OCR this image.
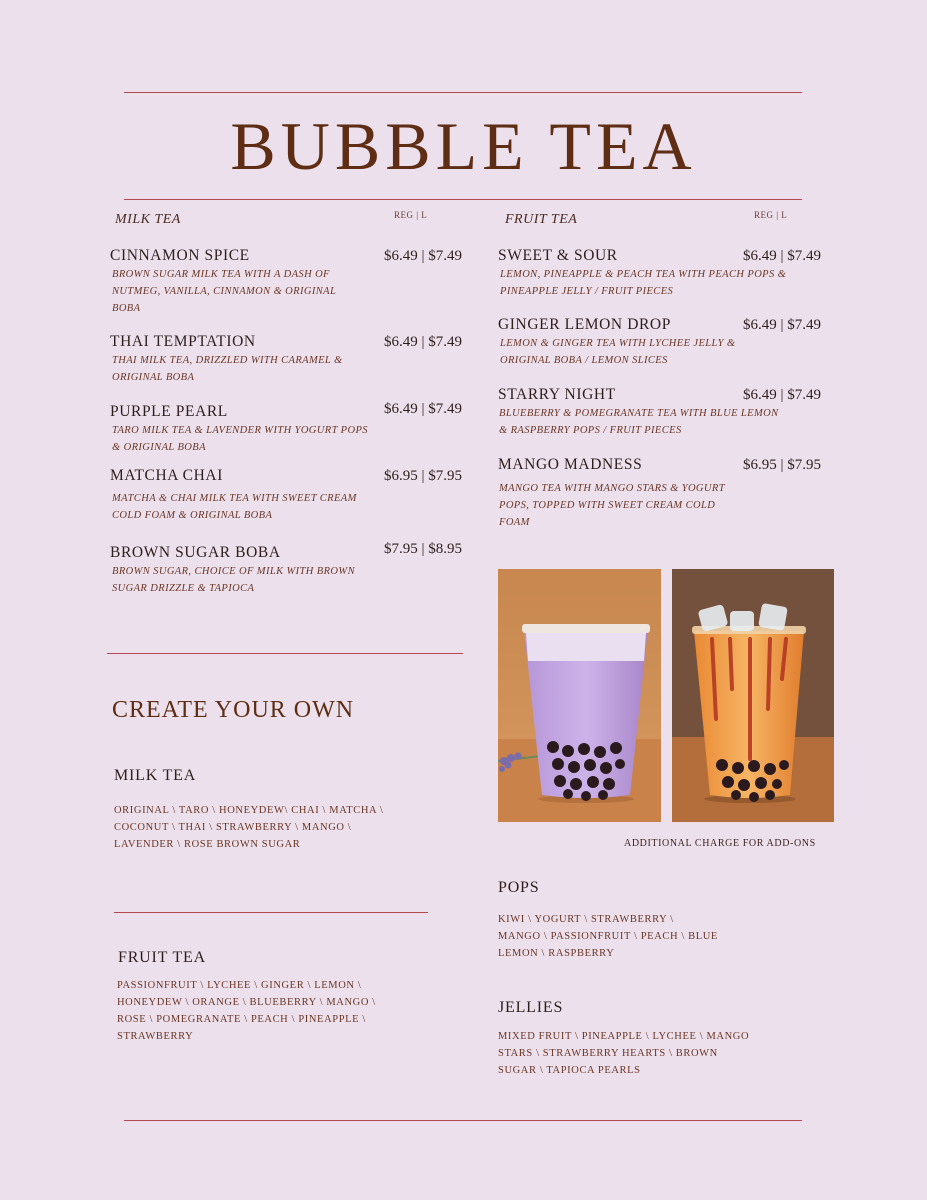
BUBBLE TEA
MILK TEA	REG | L
CINNAMON SPICE	$6.49 | $7.49
BROWN SUGAR MILK TEA WITH A DASH OF NUTMEG, VANILLA, CINNAMON & ORIGINAL BOBA
THAI TEMPTATION	$6.49 | $7.49
THAI MILK TEA, DRIZZLED WITH CARAMEL & ORIGINAL BOBA
PURPLE PEARL	$6.49 | $7.49
TARO MILK TEA & LAVENDER WITH YOGURT POPS & ORIGINAL BOBA
MATCHA CHAI	$6.95 | $7.95
MATCHA & CHAI MILK TEA WITH SWEET CREAM COLD FOAM & ORIGINAL BOBA
BROWN SUGAR BOBA	$7.95 | $8.95
BROWN SUGAR, CHOICE OF MILK WITH BROWN SUGAR DRIZZLE & TAPIOCA
FRUIT TEA	REG | L
SWEET & SOUR	$6.49 | $7.49
LEMON, PINEAPPLE & PEACH TEA WITH PEACH POPS & PINEAPPLE JELLY / FRUIT PIECES
GINGER LEMON DROP	$6.49 | $7.49
LEMON & GINGER TEA WITH LYCHEE JELLY & ORIGINAL BOBA / LEMON SLICES
STARRY NIGHT	$6.49 | $7.49
BLUEBERRY & POMEGRANATE TEA WITH BLUE LEMON & RASPBERRY POPS / FRUIT PIECES
MANGO MADNESS	$6.95 | $7.95
MANGO TEA WITH MANGO STARS & YOGURT POPS, TOPPED WITH SWEET CREAM COLD FOAM
ADDITIONAL CHARGE FOR ADD-ONS
CREATE YOUR OWN
MILK TEA
ORIGINAL \ TARO \ HONEYDEW\ CHAI \ MATCHA \ COCONUT \ THAI \ STRAWBERRY \ MANGO \ LAVENDER \ ROSE BROWN SUGAR
FRUIT TEA
PASSIONFRUIT \ LYCHEE \ GINGER \ LEMON \ HONEYDEW \ ORANGE \ BLUEBERRY \ MANGO \ ROSE \ POMEGRANATE \ PEACH \ PINEAPPLE \ STRAWBERRY
POPS
KIWI \ YOGURT \ STRAWBERRY \ MANGO \ PASSIONFRUIT \ PEACH \ BLUE LEMON \ RASPBERRY
JELLIES
MIXED FRUIT \ PINEAPPLE \ LYCHEE \ MANGO STARS \ STRAWBERRY HEARTS \ BROWN SUGAR \ TAPIOCA PEARLS
